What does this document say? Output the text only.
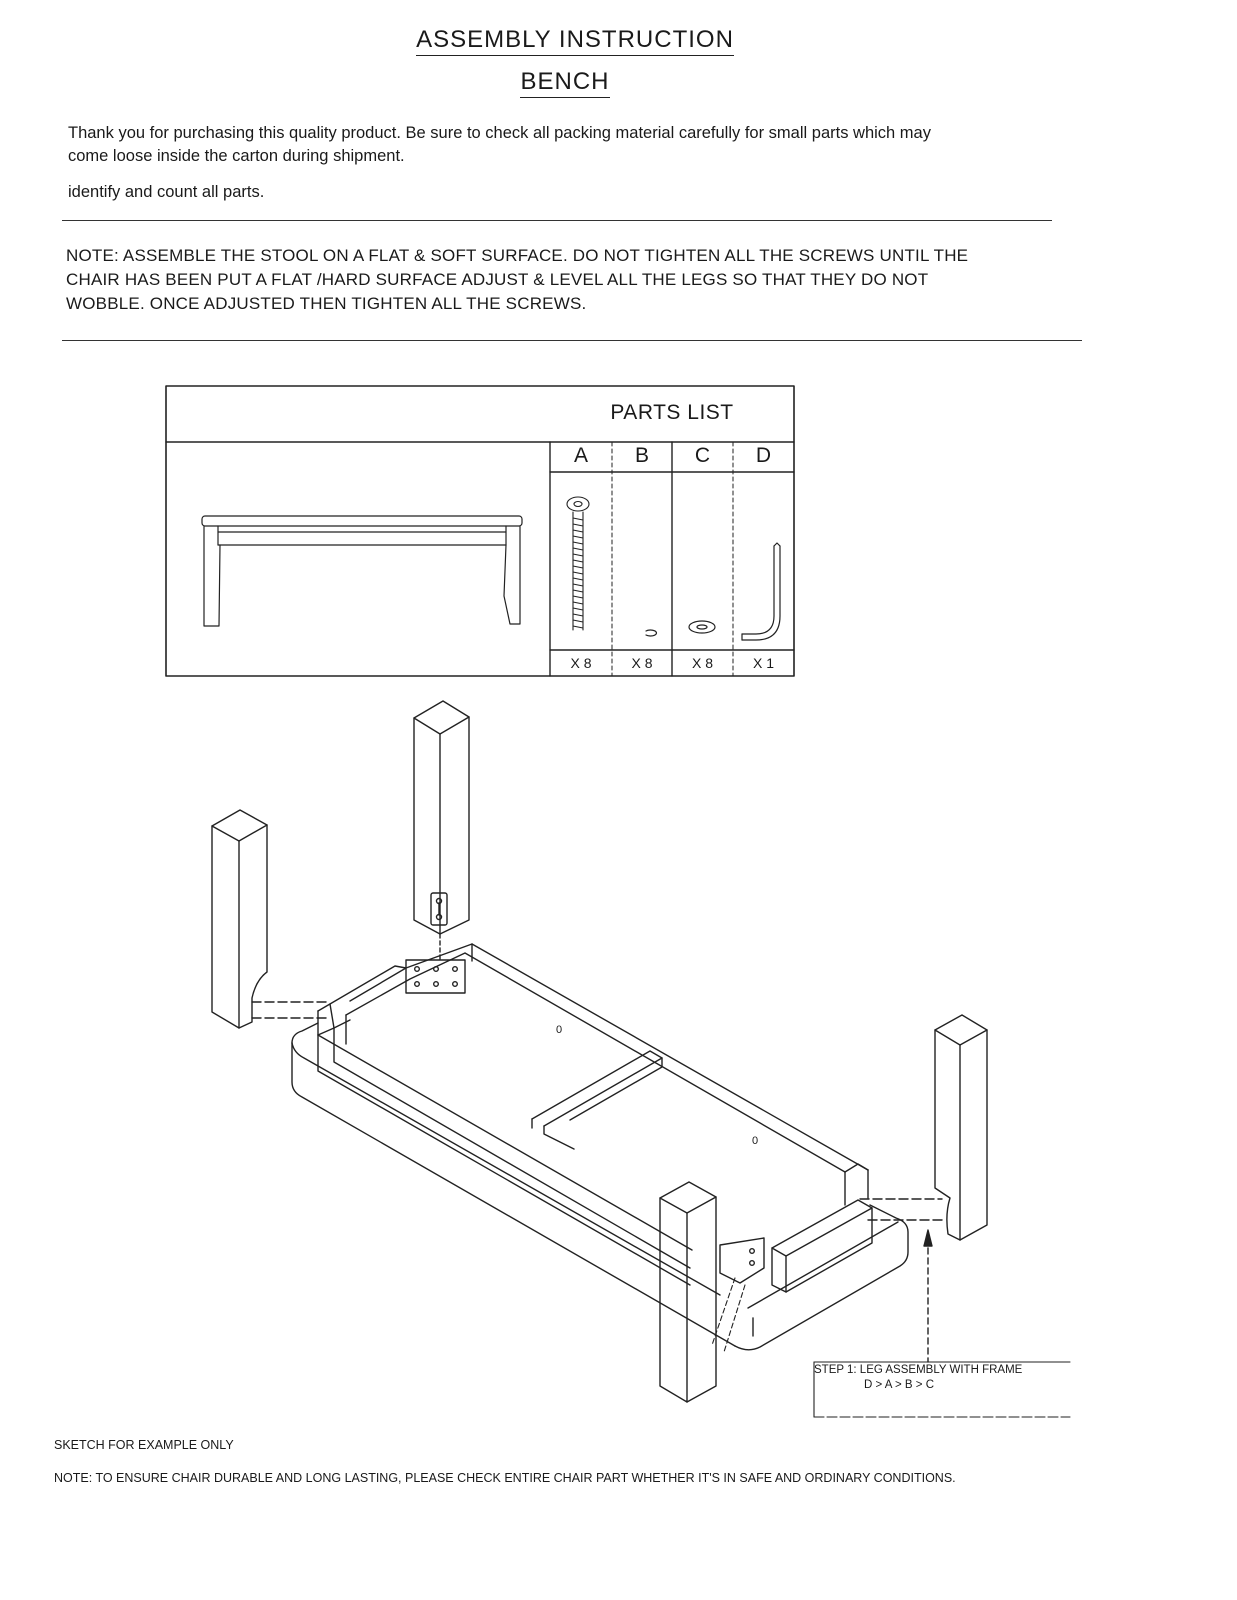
ASSEMBLY INSTRUCTION
BENCH
Thank you for purchasing this quality product. Be sure to check all packing material carefully for small parts which may
come loose inside the carton during shipment.
identify and count all parts.
NOTE: ASSEMBLE THE STOOL ON A FLAT & SOFT SURFACE. DO NOT TIGHTEN ALL THE SCREWS UNTIL THE
CHAIR HAS BEEN PUT A FLAT /HARD SURFACE ADJUST & LEVEL ALL THE LEGS SO THAT THEY DO NOT
WOBBLE. ONCE ADJUSTED THEN TIGHTEN ALL THE SCREWS.
PARTS LIST
A	B	C	D
X 8	X 8	X 8	X 1
0
0
STEP 1: LEG ASSEMBLY WITH FRAME
D > A > B > C
SKETCH FOR EXAMPLE ONLY
NOTE: TO ENSURE CHAIR DURABLE AND LONG LASTING, PLEASE CHECK ENTIRE CHAIR PART WHETHER IT'S IN SAFE AND ORDINARY CONDITIONS.
